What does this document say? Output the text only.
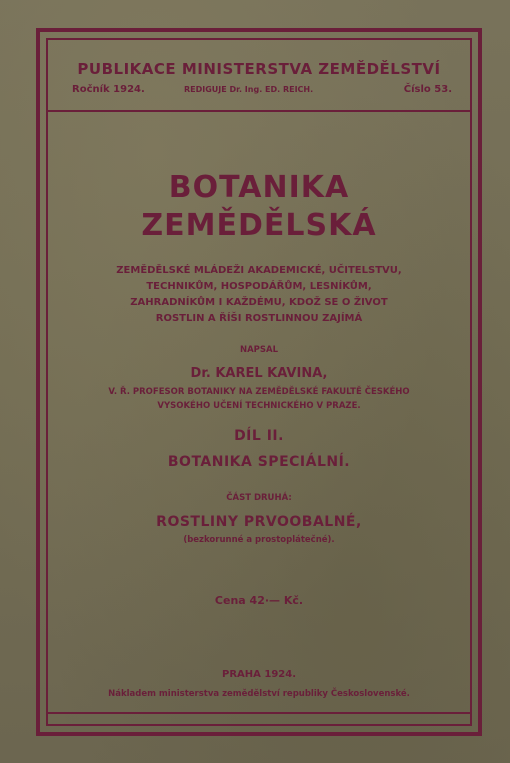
PUBLIKACE MINISTERSTVA ZEMĚDĚLSTVÍ
Ročník 1924.	REDIGUJE Dr. Ing. ED. REICH.	Číslo 53.
BOTANIKA
ZEMĚDĚLSKÁ
ZEMĚDĚLSKÉ MLÁDEŽI AKADEMICKÉ, UČITELSTVU,
TECHNIKŮM, HOSPODÁŘŮM, LESNÍKŮM,
ZAHRADNÍKŮM I KAŽDÉMU, KDOŽ SE O ŽIVOT
ROSTLIN A ŘÍŠI ROSTLINNOU ZAJÍMÁ
NAPSAL
Dr. KAREL KAVINA,
V. Ř. PROFESOR BOTANIKY NA ZEMĚDĚLSKÉ FAKULTĚ ČESKÉHO
VYSOKÉHO UČENÍ TECHNICKÉHO V PRAZE.
DÍL II.
BOTANIKA SPECIÁLNÍ.
ČÁST DRUHÁ:
ROSTLINY PRVOOBALNÉ,
(bezkorunné a prostoplátečné).
Cena 42·— Kč.
PRAHA 1924.
Nákladem ministerstva zemědělství republiky Československé.
